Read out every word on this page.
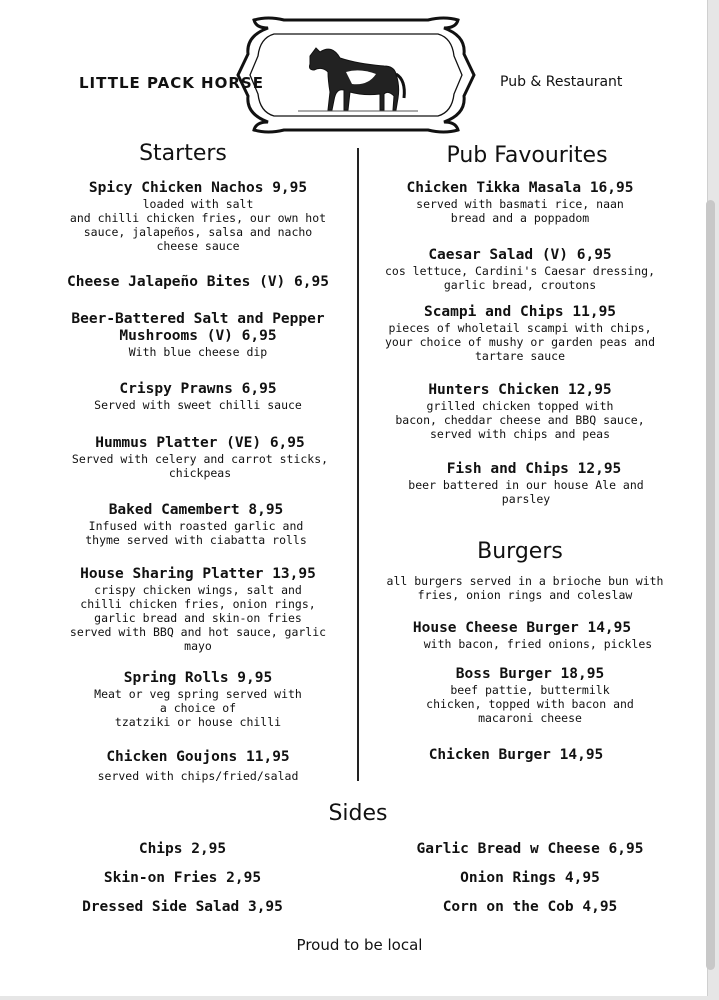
LITTLE PACK HORSE	Pub & Restaurant
Starters	Pub Favourites
Spicy Chicken Nachos 9,95
loaded with salt
and chilli chicken fries, our own hot
sauce, jalapeños, salsa and nacho
cheese sauce
Cheese Jalapeño Bites (V) 6,95
Beer-Battered Salt and Pepper
Mushrooms (V) 6,95
With blue cheese dip
Crispy Prawns 6,95
Served with sweet chilli sauce
Hummus Platter (VE) 6,95
Served with celery and carrot sticks,
chickpeas
Baked Camembert 8,95
Infused with roasted garlic and
thyme served with ciabatta rolls
House Sharing Platter 13,95
crispy chicken wings, salt and
chilli chicken fries, onion rings,
garlic bread and skin-on fries
served with BBQ and hot sauce, garlic
mayo
Spring Rolls 9,95
Meat or veg spring served with
a choice of
tzatziki or house chilli
Chicken Goujons 11,95
served with chips/fried/salad
Chicken Tikka Masala 16,95
served with basmati rice, naan
bread and a poppadom
Caesar Salad (V) 6,95
cos lettuce, Cardini's Caesar dressing,
garlic bread, croutons
Scampi and Chips 11,95
pieces of wholetail scampi with chips,
your choice of mushy or garden peas and
tartare sauce
Hunters Chicken 12,95
grilled chicken topped with
bacon, cheddar cheese and BBQ sauce,
served with chips and peas
Fish and Chips 12,95
beer battered in our house Ale and
parsley
Burgers
all burgers served in a brioche bun with
fries, onion rings and coleslaw
House Cheese Burger 14,95
with bacon, fried onions, pickles
Boss Burger 18,95
beef pattie, buttermilk
chicken, topped with bacon and
macaroni cheese
Chicken Burger 14,95
Sides
Chips 2,95
Skin-on Fries 2,95
Dressed Side Salad 3,95
Garlic Bread w Cheese 6,95
Onion Rings 4,95
Corn on the Cob 4,95
Proud to be local
